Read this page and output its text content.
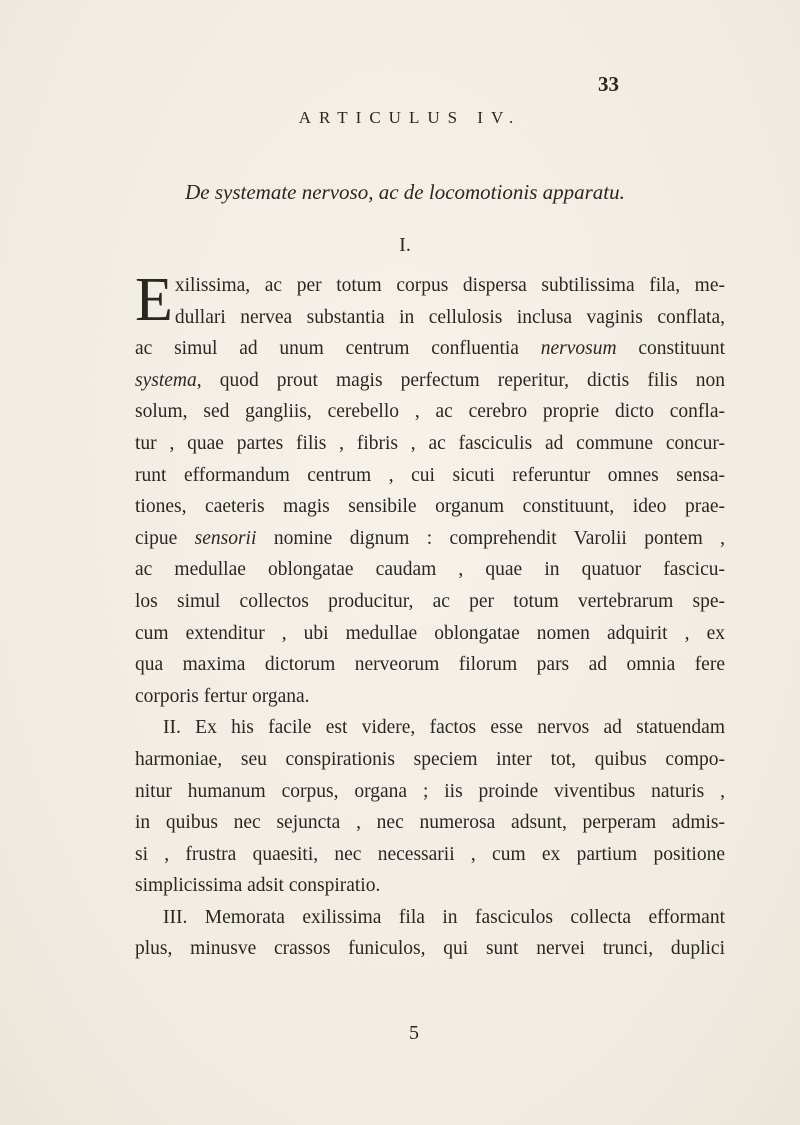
33
ARTICULUS IV.
De systemate nervoso, ac de locomotionis apparatu.
I.
E xilissima, ac per totum corpus dispersa subtilissima fila, me-
dullari nervea substantia in cellulosis inclusa vaginis conflata,
ac simul ad unum centrum confluentia nervosum constituunt
systema, quod prout magis perfectum reperitur, dictis filis non
solum, sed gangliis, cerebello , ac cerebro proprie dicto confla-
tur , quae partes filis , fibris , ac fasciculis ad commune concur-
runt efformandum centrum , cui sicuti referuntur omnes sensa-
tiones, caeteris magis sensibile organum constituunt, ideo prae-
cipue sensorii nomine dignum : comprehendit Varolii pontem ,
ac medullae oblongatae caudam , quae in quatuor fascicu-
los simul collectos producitur, ac per totum vertebrarum spe-
cum extenditur , ubi medullae oblongatae nomen adquirit , ex
qua maxima dictorum nerveorum filorum pars ad omnia fere
corporis fertur organa.
II. Ex his facile est videre, factos esse nervos ad statuendam
harmoniae, seu conspirationis speciem inter tot, quibus compo-
nitur humanum corpus, organa ; iis proinde viventibus naturis ,
in quibus nec sejuncta , nec numerosa adsunt, perperam admis-
si , frustra quaesiti, nec necessarii , cum ex partium positione
simplicissima adsit conspiratio.
III. Memorata exilissima fila in fasciculos collecta efformant
plus, minusve crassos funiculos, qui sunt nervei trunci, duplici
5
